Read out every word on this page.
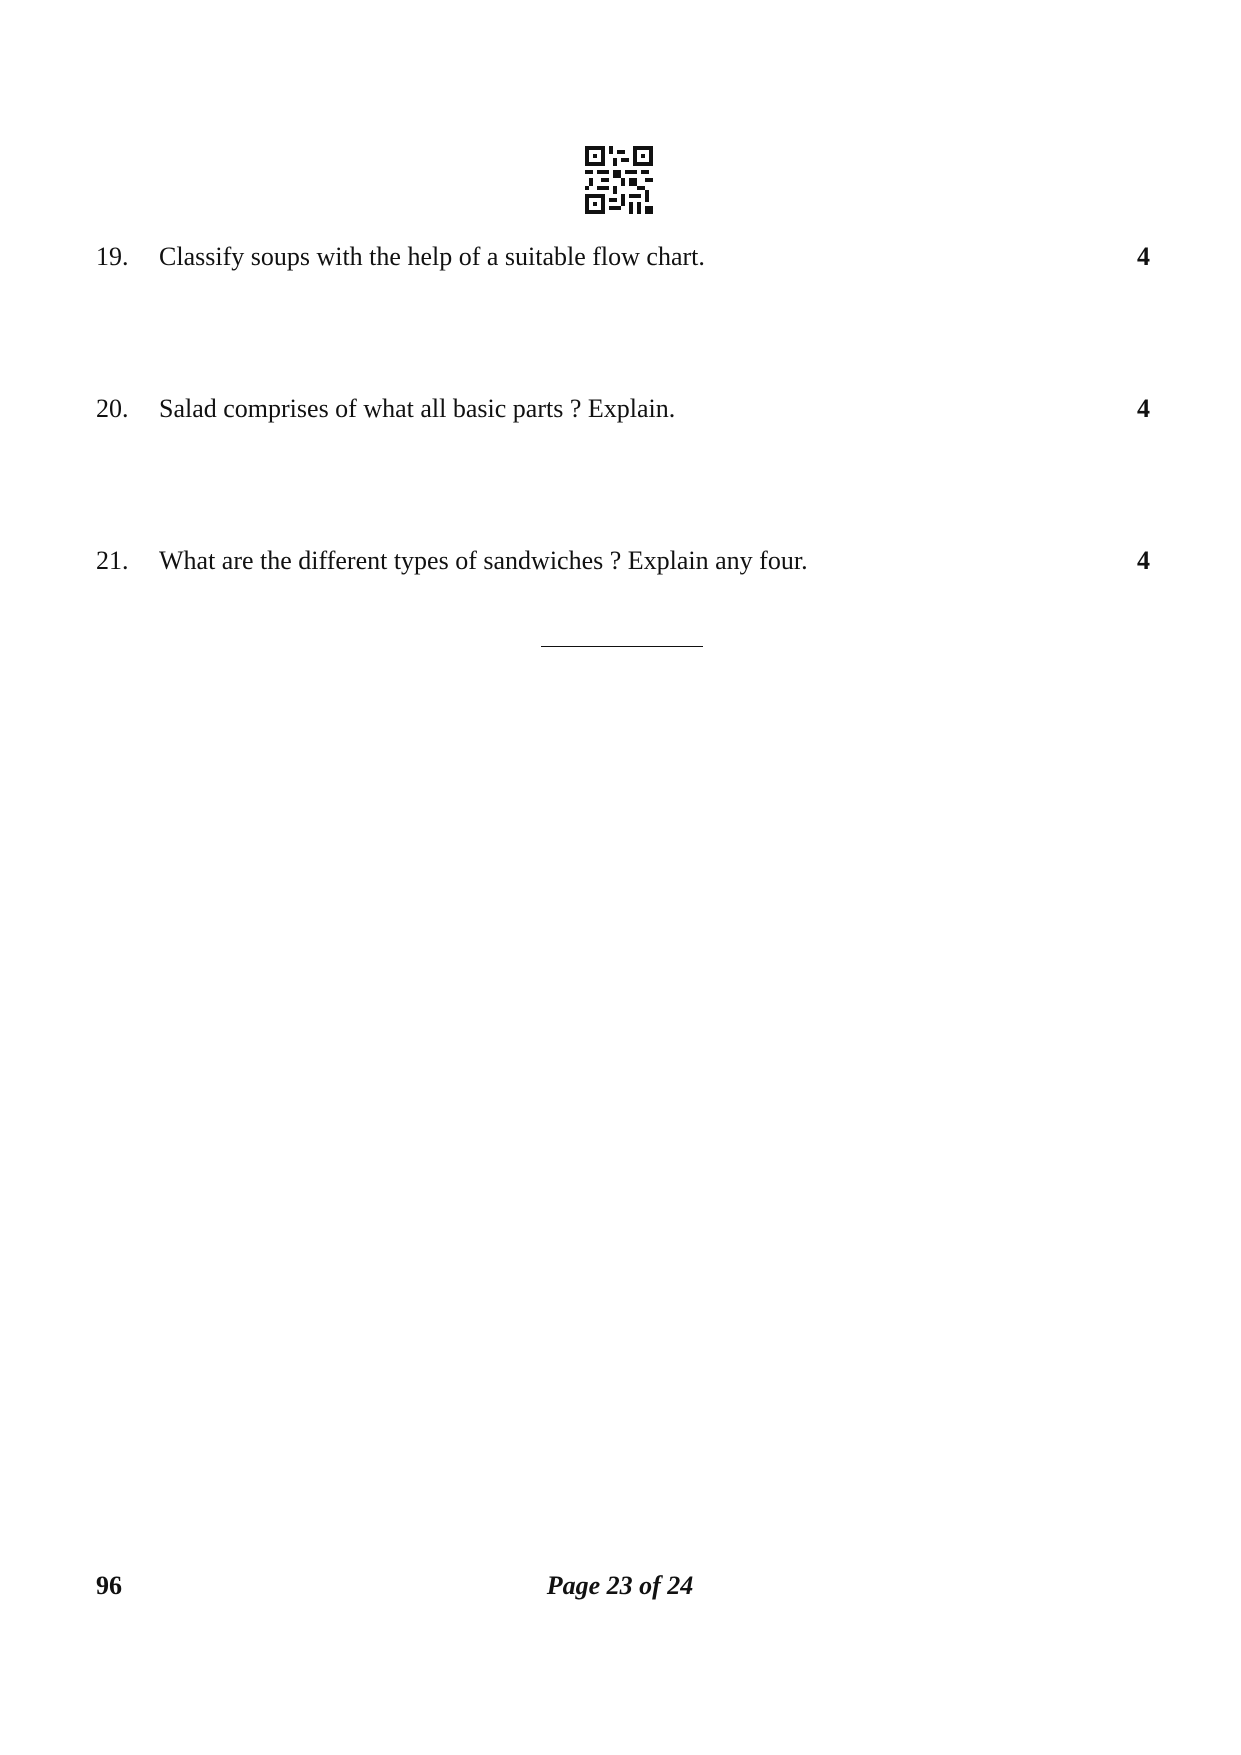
19. Classify soups with the help of a suitable flow chart.	4
20. Salad comprises of what all basic parts ? Explain.	4
21. What are the different types of sandwiches ? Explain any four.	4
96	Page 23 of 24
